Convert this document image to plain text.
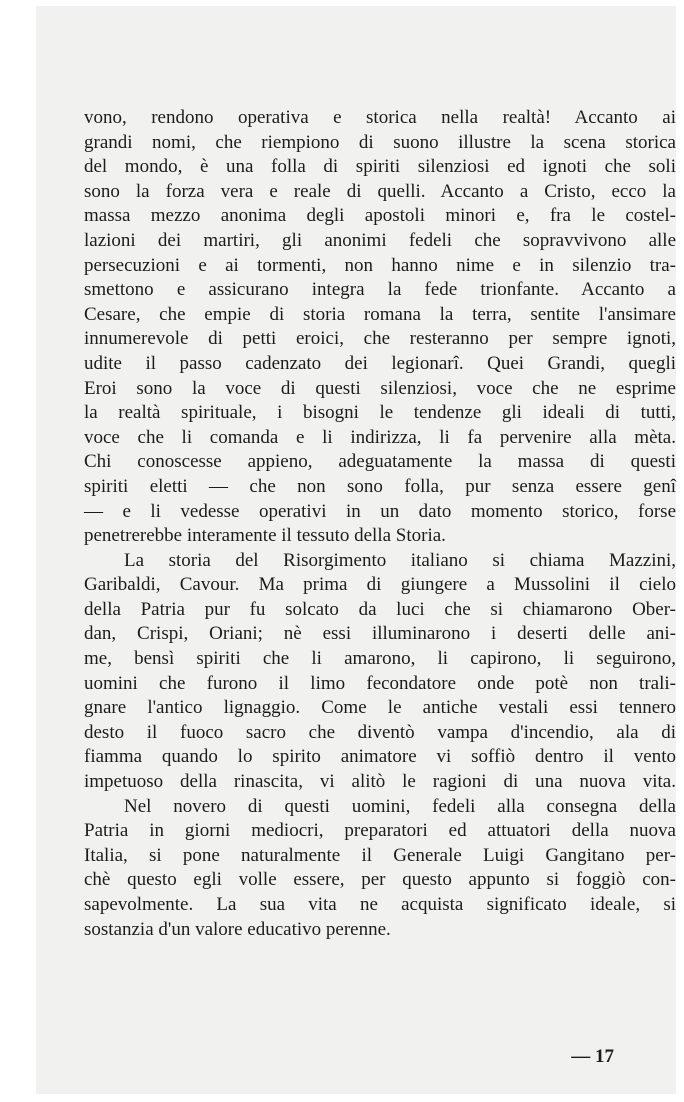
vono, rendono operativa e storica nella realtà! Accanto ai
grandi nomi, che riempiono di suono illustre la scena storica
del mondo, è una folla di spiriti silenziosi ed ignoti che soli
sono la forza vera e reale di quelli. Accanto a Cristo, ecco la
massa mezzo anonima degli apostoli minori e, fra le costel-
lazioni dei martiri, gli anonimi fedeli che sopravvivono alle
persecuzioni e ai tormenti, non hanno nime e in silenzio tra-
smettono e assicurano integra la fede trionfante. Accanto a
Cesare, che empie di storia romana la terra, sentite l'ansimare
innumerevole di petti eroici, che resteranno per sempre ignoti,
udite il passo cadenzato dei legionarî. Quei Grandi, quegli
Eroi sono la voce di questi silenziosi, voce che ne esprime
la realtà spirituale, i bisogni le tendenze gli ideali di tutti,
voce che li comanda e li indirizza, li fa pervenire alla mèta.
Chi conoscesse appieno, adeguatamente la massa di questi
spiriti eletti — che non sono folla, pur senza essere genî
— e li vedesse operativi in un dato momento storico, forse
penetrerebbe interamente il tessuto della Storia.

La storia del Risorgimento italiano si chiama Mazzini,
Garibaldi, Cavour. Ma prima di giungere a Mussolini il cielo
della Patria pur fu solcato da luci che si chiamarono Ober-
dan, Crispi, Oriani; nè essi illuminarono i deserti delle ani-
me, bensì spiriti che li amarono, li capirono, li seguirono,
uomini che furono il limo fecondatore onde potè non trali-
gnare l'antico lignaggio. Come le antiche vestali essi tennero
desto il fuoco sacro che diventò vampa d'incendio, ala di
fiamma quando lo spirito animatore vi soffiò dentro il vento
impetuoso della rinascita, vi alitò le ragioni di una nuova vita.

Nel novero di questi uomini, fedeli alla consegna della
Patria in giorni mediocri, preparatori ed attuatori della nuova
Italia, si pone naturalmente il Generale Luigi Gangitano per-
chè questo egli volle essere, per questo appunto si foggiò con-
sapevolmente. La sua vita ne acquista significato ideale, si
sostanzia d'un valore educativo perenne.

— 17
